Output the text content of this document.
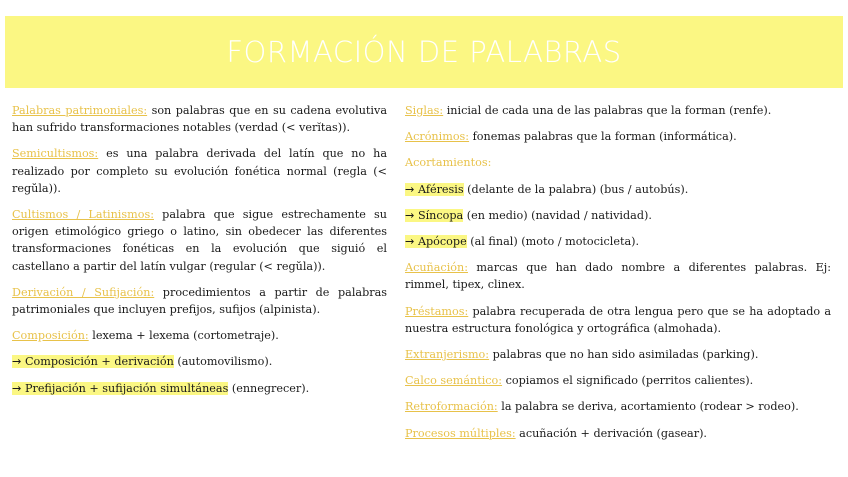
FORMACIÓN DE PALABRAS

Palabras patrimoniales: son palabras que en su cadena evolutiva han sufrido transformaciones notables (verdad (< verĭtas)).

Semicultismos: es una palabra derivada del latín que no ha realizado por completo su evolución fonética normal (regla (< regŭla)).

Cultismos / Latinismos: palabra que sigue estrechamente su origen etimológico griego o latino, sin obedecer las diferentes transformaciones fonéticas en la evolución que siguió el castellano a partir del latín vulgar (regular (< regŭla)).

Derivación / Sufijación: procedimientos a partir de palabras patrimoniales que incluyen prefijos, sufijos (alpinista).

Composición: lexema + lexema (cortometraje).

→ Composición + derivación (automovilismo).

→ Prefijación + sufijación simultáneas (ennegrecer).

Siglas: inicial de cada una de las palabras que la forman (renfe).

Acrónimos: fonemas palabras que la forman (informática).

Acortamientos:

→ Aféresis (delante de la palabra) (bus / autobús).

→ Síncopa (en medio) (navidad / natividad).

→ Apócope (al final) (moto / motocicleta).

Acuñación: marcas que han dado nombre a diferentes palabras. Ej: rimmel, tipex, clinex.

Préstamos: palabra recuperada de otra lengua pero que se ha adoptado a nuestra estructura fonológica y ortográfica (almohada).

Extranjerismo: palabras que no han sido asimiladas (parking).

Calco semántico: copiamos el significado (perritos calientes).

Retroformación: la palabra se deriva, acortamiento (rodear > rodeo).

Procesos múltiples: acuñación + derivación (gasear).
